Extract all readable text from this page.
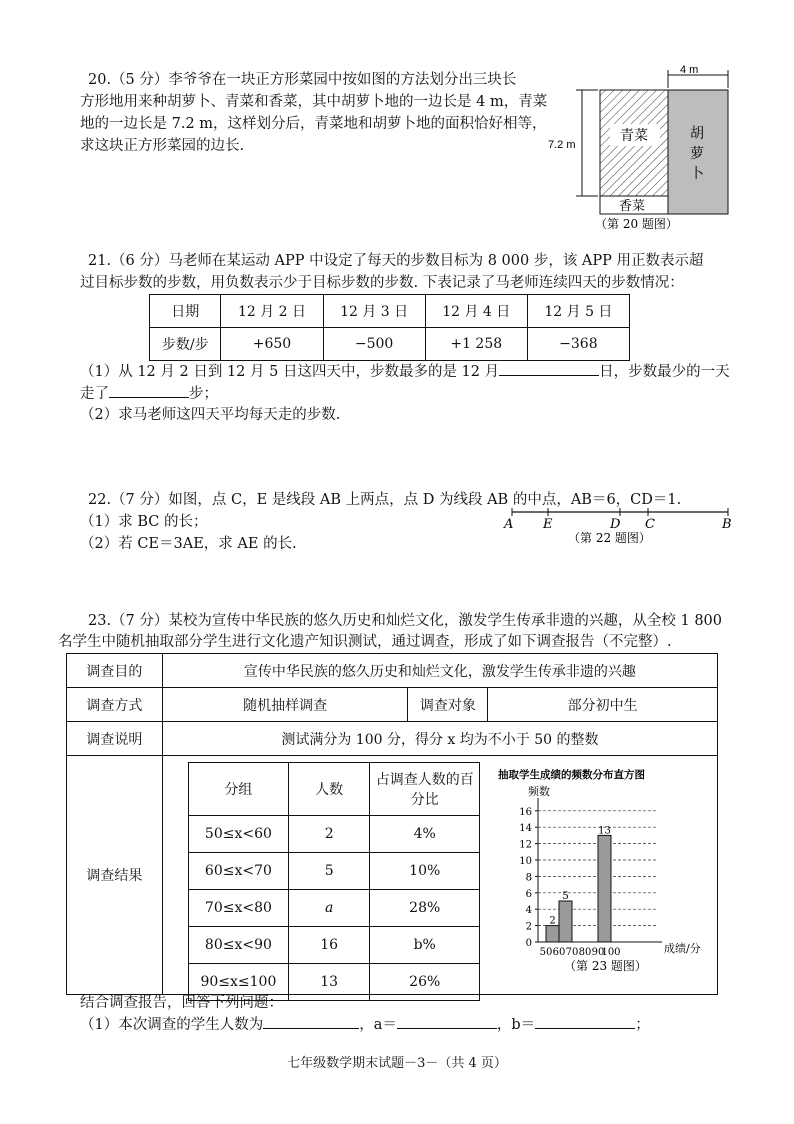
20.（5 分）李爷爷在一块正方形菜园中按如图的方法划分出三块长

方形地用来种胡萝卜、青菜和香菜，其中胡萝卜地的一边长是 4 m，青菜

地的一边长是 7.2 m，这样划分后，青菜地和胡萝卜地的面积恰好相等，

求这块正方形菜园的边长.

4 m
7.2 m
青菜	胡
萝
卜
香菜
（第 20 题图）

21.（6 分）马老师在某运动 APP 中设定了每天的步数目标为 8 000 步，该 APP 用正数表示超

过目标步数的步数，用负数表示少于目标步数的步数. 下表记录了马老师连续四天的步数情况：

日期	12 月 2 日	12 月 3 日	12 月 4 日	12 月 5 日
步数/步	+650	−500	+1 258	−368

（1）从 12 月 2 日到 12 月 5 日这四天中，步数最多的是 12 月	日，步数最少的一天

走了	步；

（2）求马老师这四天平均每天走的步数.

22.（7 分）如图，点 C，E 是线段 AB 上两点，点 D 为线段 AB 的中点，AB＝6，CD＝1.

（1）求 BC 的长；

（2）若 CE＝3AE，求 AE 的长.

A E	D C	B
（第 22 题图）

23.（7 分）某校为宣传中华民族的悠久历史和灿烂文化，激发学生传承非遗的兴趣，从全校 1 800

名学生中随机抽取部分学生进行文化遗产知识测试，通过调查，形成了如下调查报告（不完整）.

调查目的	宣传中华民族的悠久历史和灿烂文化，激发学生传承非遗的兴趣		
调查方式	随机抽样调查	调查对象	部分初中生
调查说明	测试满分为 100 分，得分 x 均为不小于 50 的整数		
调查结果			
分组	人数	占调查人数的百分比
50≤x<60	2	4%
60≤x<70	5	10%
70≤x<80	a	28%
80≤x<90	16	b%
90≤x≤100	13	26%
抽取学生成绩的频数分布直方图
频数
成绩/分
（第 23 题图）
0
2
4
6
8
10
12
14
16
50 60 70 80 90
100
2
5
13

结合调查报告，回答下列问题：

（1）本次调查的学生人数为	，a＝	，b＝	；

七年级数学期末试题－3－（共 4 页）
